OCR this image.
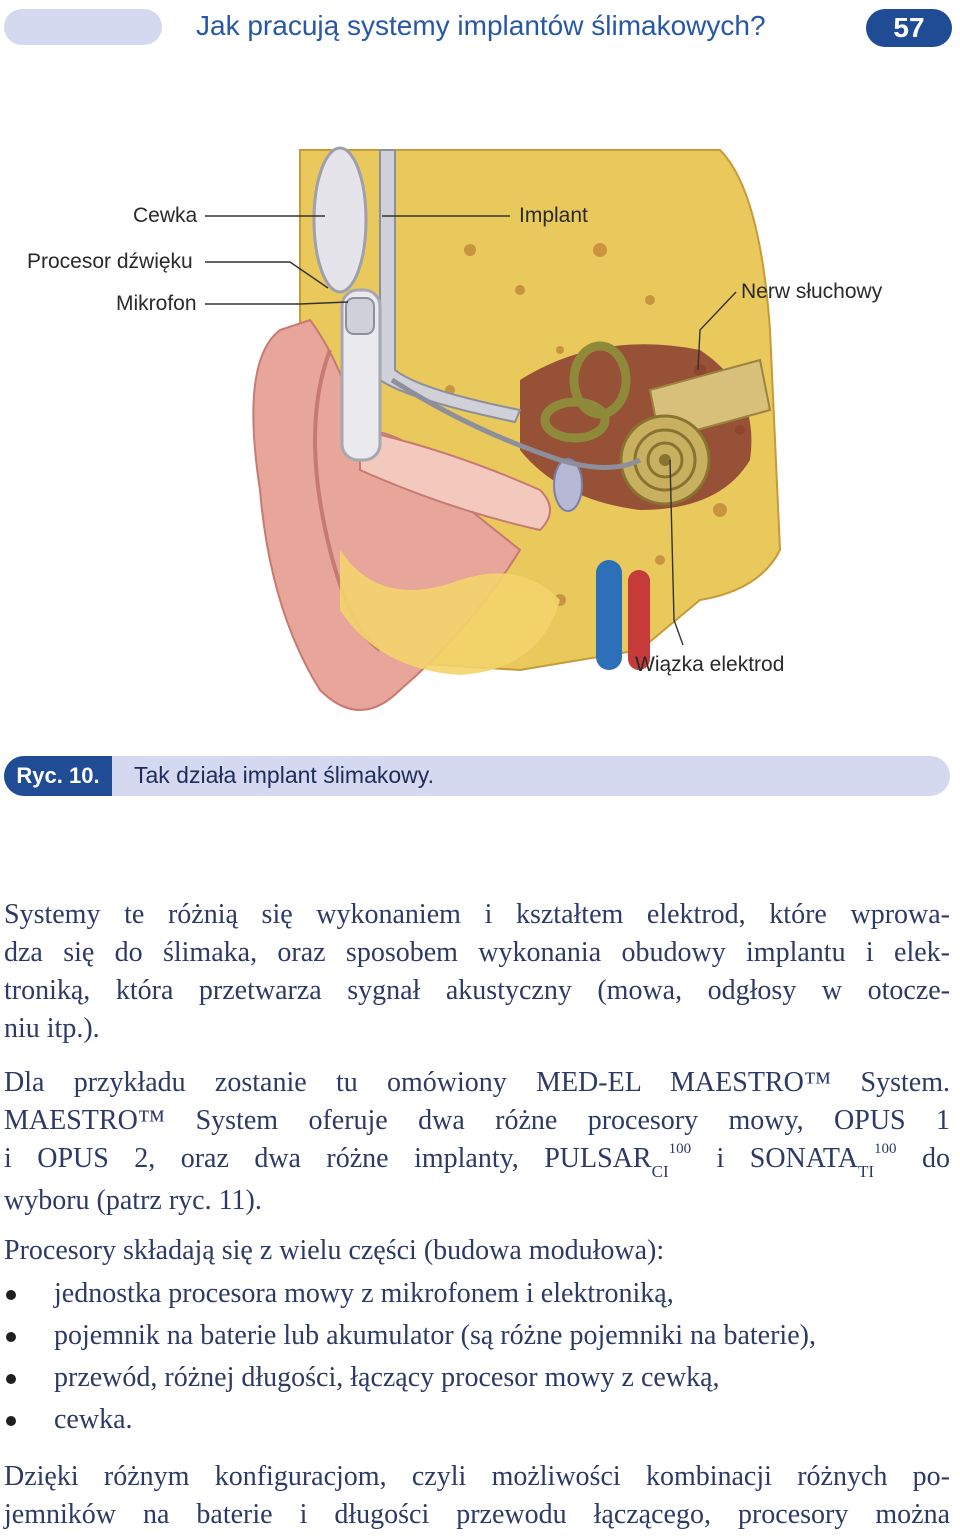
Jak pracują systemy implantów ślimakowych?	57
Cewka
Procesor dźwięku
Mikrofon
Implant
Nerw słuchowy
Wiązka elektrod
Ryc. 10.	Tak działa implant ślimakowy.
Systemy te różnią się wykonaniem i kształtem elektrod, które wprowa-
dza się do ślimaka, oraz sposobem wykonania obudowy implantu i elek-
troniką, która przetwarza sygnał akustyczny (mowa, odgłosy w otocze-
niu itp.).
Dla przykładu zostanie tu omówiony MED-EL MAESTRO™ System.
MAESTRO™ System oferuje dwa różne procesory mowy, OPUS 1
i OPUS 2, oraz dwa różne implanty, $PULSAR_{CI}^{100}$ i $SONATA_{TI}^{100}$ do
wyboru (patrz ryc. 11).
Procesory składają się z wielu części (budowa modułowa):
jednostka procesora mowy z mikrofonem i elektroniką,
pojemnik na baterie lub akumulator (są różne pojemniki na baterie),
przewód, różnej długości, łączący procesor mowy z cewką,
cewka.
Dzięki różnym konfiguracjom, czyli możliwości kombinacji różnych po-
jemników na baterie i długości przewodu łączącego, procesory można
